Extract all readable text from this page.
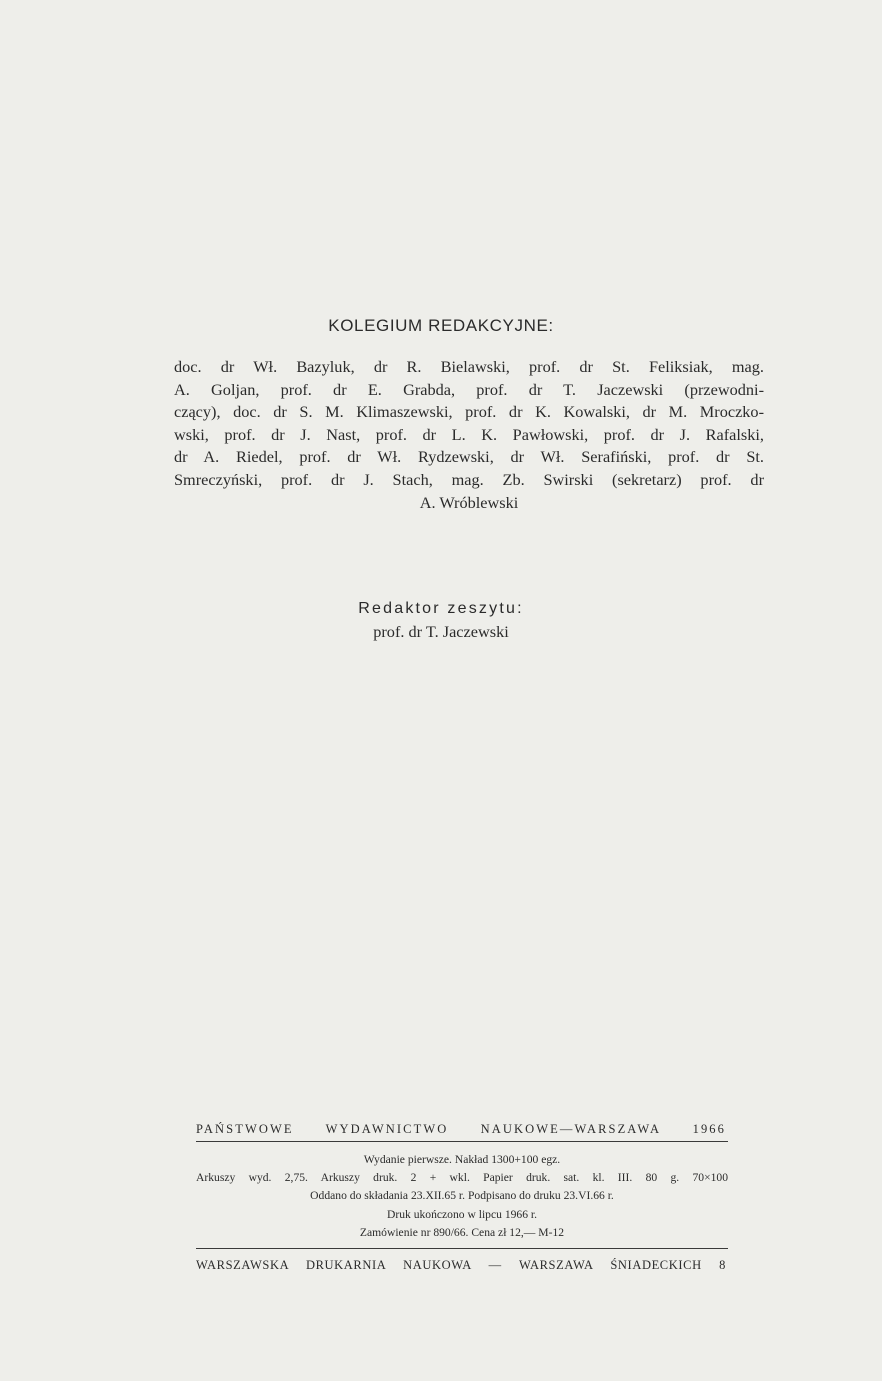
KOLEGIUM REDAKCYJNE:
doc. dr Wł. Bazyluk, dr R. Bielawski, prof. dr St. Feliksiak, mag.
A. Goljan, prof. dr E. Grabda, prof. dr T. Jaczewski (przewodni-
czący), doc. dr S. M. Klimaszewski, prof. dr K. Kowalski, dr M. Mroczko-
wski, prof. dr J. Nast, prof. dr L. K. Pawłowski, prof. dr J. Rafalski,
dr A. Riedel, prof. dr Wł. Rydzewski, dr Wł. Serafiński, prof. dr St.
Smreczyński, prof. dr J. Stach, mag. Zb. Swirski (sekretarz) prof. dr
A. Wróblewski
Redaktor zeszytu:
prof. dr T. Jaczewski
PAŃSTWOWE WYDAWNICTWO NAUKOWE—WARSZAWA 1966
Wydanie pierwsze. Nakład 1300+100 egz.
Arkuszy wyd. 2,75. Arkuszy druk. 2 + wkl. Papier druk. sat. kl. III. 80 g. 70×100
Oddano do składania 23.XII.65 r. Podpisano do druku 23.VI.66 r.
Druk ukończono w lipcu 1966 r.
Zamówienie nr 890/66. Cena zł 12,— M-12
WARSZAWSKA DRUKARNIA NAUKOWA — WARSZAWA ŚNIADECKICH 8
